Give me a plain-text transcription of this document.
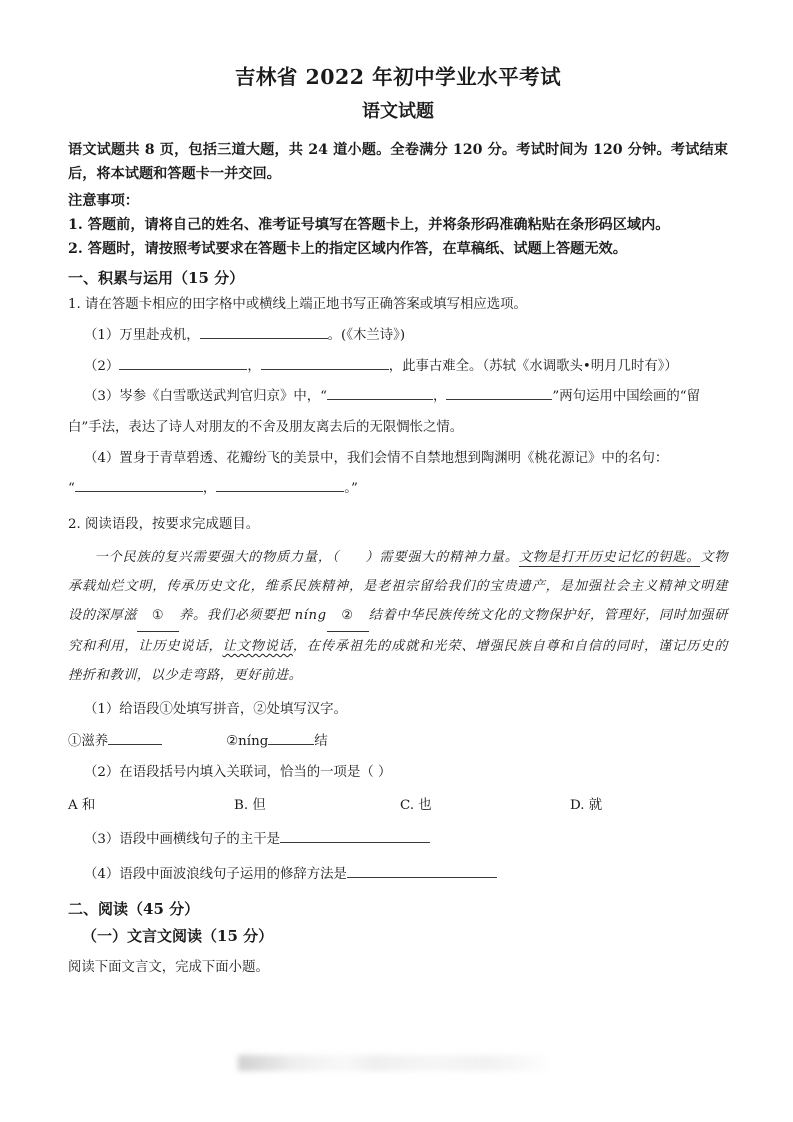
吉林省 2022 年初中学业水平考试
语文试题

语文试题共 8 页，包括三道大题，共 24 道小题。全卷满分 120 分。考试时间为 120 分钟。考试结束后，将本试题和答题卡一并交回。

注意事项：

1. 答题前，请将自己的姓名、准考证号填写在答题卡上，并将条形码准确粘贴在条形码区域内。

2. 答题时，请按照考试要求在答题卡上的指定区域内作答，在草稿纸、试题上答题无效。

一、积累与运用（15 分）

1. 请在答题卡相应的田字格中或横线上端正地书写正确答案或填写相应选项。

（1）万里赴戎机，	。(《木兰诗》)

（2）	，	，此事古难全。（苏轼《水调歌头•明月几时有》）

（3）岑参《白雪歌送武判官归京》中，“	，	”两句运用中国绘画的“留

白”手法，表达了诗人对朋友的不舍及朋友离去后的无限惆怅之情。

（4）置身于青草碧透、花瓣纷飞的美景中，我们会情不自禁地想到陶渊明《桃花源记》中的名句：

“	，	。”

2. 阅读语段，按要求完成题目。

一个民族的复兴需要强大的物质力量，（ ）需要强大的精神力量。文物是打开历史记忆的钥匙。文物承载灿烂文明，传承历史文化，维系民族精神，是老祖宗留给我们的宝贵遗产，是加强社会主义精神文明建设的深厚滋 ① 养。我们必须要把 níng ② 结着中华民族传统文化的文物保护好，管理好，同时加强研究和利用，让历史说话，让文物说话，在传承祖先的成就和光荣、增强民族自尊和自信的同时，谨记历史的挫折和教训，以少走弯路，更好前进。

（1）给语段①处填写拼音，②处填写汉字。

①滋养	②níng	结

（2）在语段括号内填入关联词，恰当的一项是（ ）

A 和	B. 但	C. 也	D. 就

（3）语段中画横线句子的主干是

（4）语段中面波浪线句子运用的修辞方法是

二、阅读（45 分）
（一）文言文阅读（15 分）

阅读下面文言文，完成下面小题。
